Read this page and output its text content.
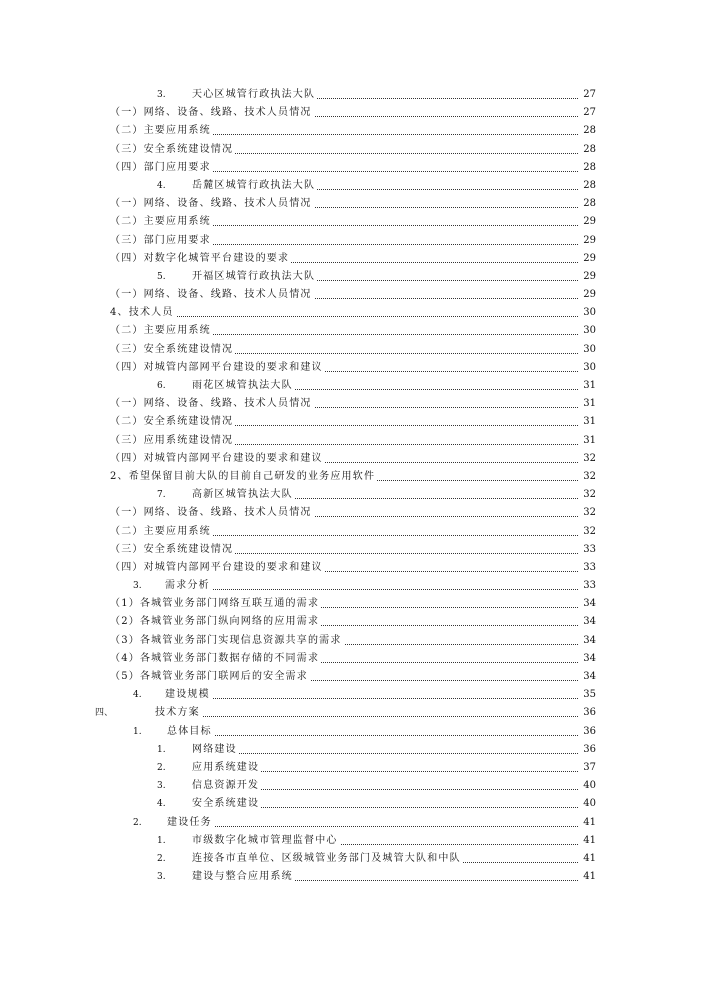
3.	天心区城管行政执法大队	27
（一）网络、设备、线路、技术人员情况	27
（二）主要应用系统	28
（三）安全系统建设情况	28
（四）部门应用要求	28
4.	岳麓区城管行政执法大队	28
（一）网络、设备、线路、技术人员情况	28
（二）主要应用系统	29
（三）部门应用要求	29
（四）对数字化城管平台建设的要求	29
5.	开福区城管行政执法大队	29
（一）网络、设备、线路、技术人员情况	29
4、技术人员	30
（二）主要应用系统	30
（三）安全系统建设情况	30
（四）对城管内部网平台建设的要求和建议	30
6.	雨花区城管执法大队	31
（一）网络、设备、线路、技术人员情况	31
（二）安全系统建设情况	31
（三）应用系统建设情况	31
（四）对城管内部网平台建设的要求和建议	32
2、希望保留目前大队的目前自己研发的业务应用软件	32
7.	高新区城管执法大队	32
（一）网络、设备、线路、技术人员情况	32
（二）主要应用系统	32
（三）安全系统建设情况	33
（四）对城管内部网平台建设的要求和建议	33
3. 需求分析	33
（1）各城管业务部门网络互联互通的需求	34
（2）各城管业务部门纵向网络的应用需求	34
（3）各城管业务部门实现信息资源共享的需求	34
（4）各城管业务部门数据存储的不同需求	34
（5）各城管业务部门联网后的安全需求	34
4. 建设规模	35
四、	技术方案	36
1.	总体目标	36
1.	网络建设	36
2.	应用系统建设	37
3.	信息资源开发	40
4.	安全系统建设	40
2.	建设任务	41
1.	市级数字化城市管理监督中心	41
2.	连接各市直单位、区级城管业务部门及城管大队和中队	41
3.	建设与整合应用系统	41
